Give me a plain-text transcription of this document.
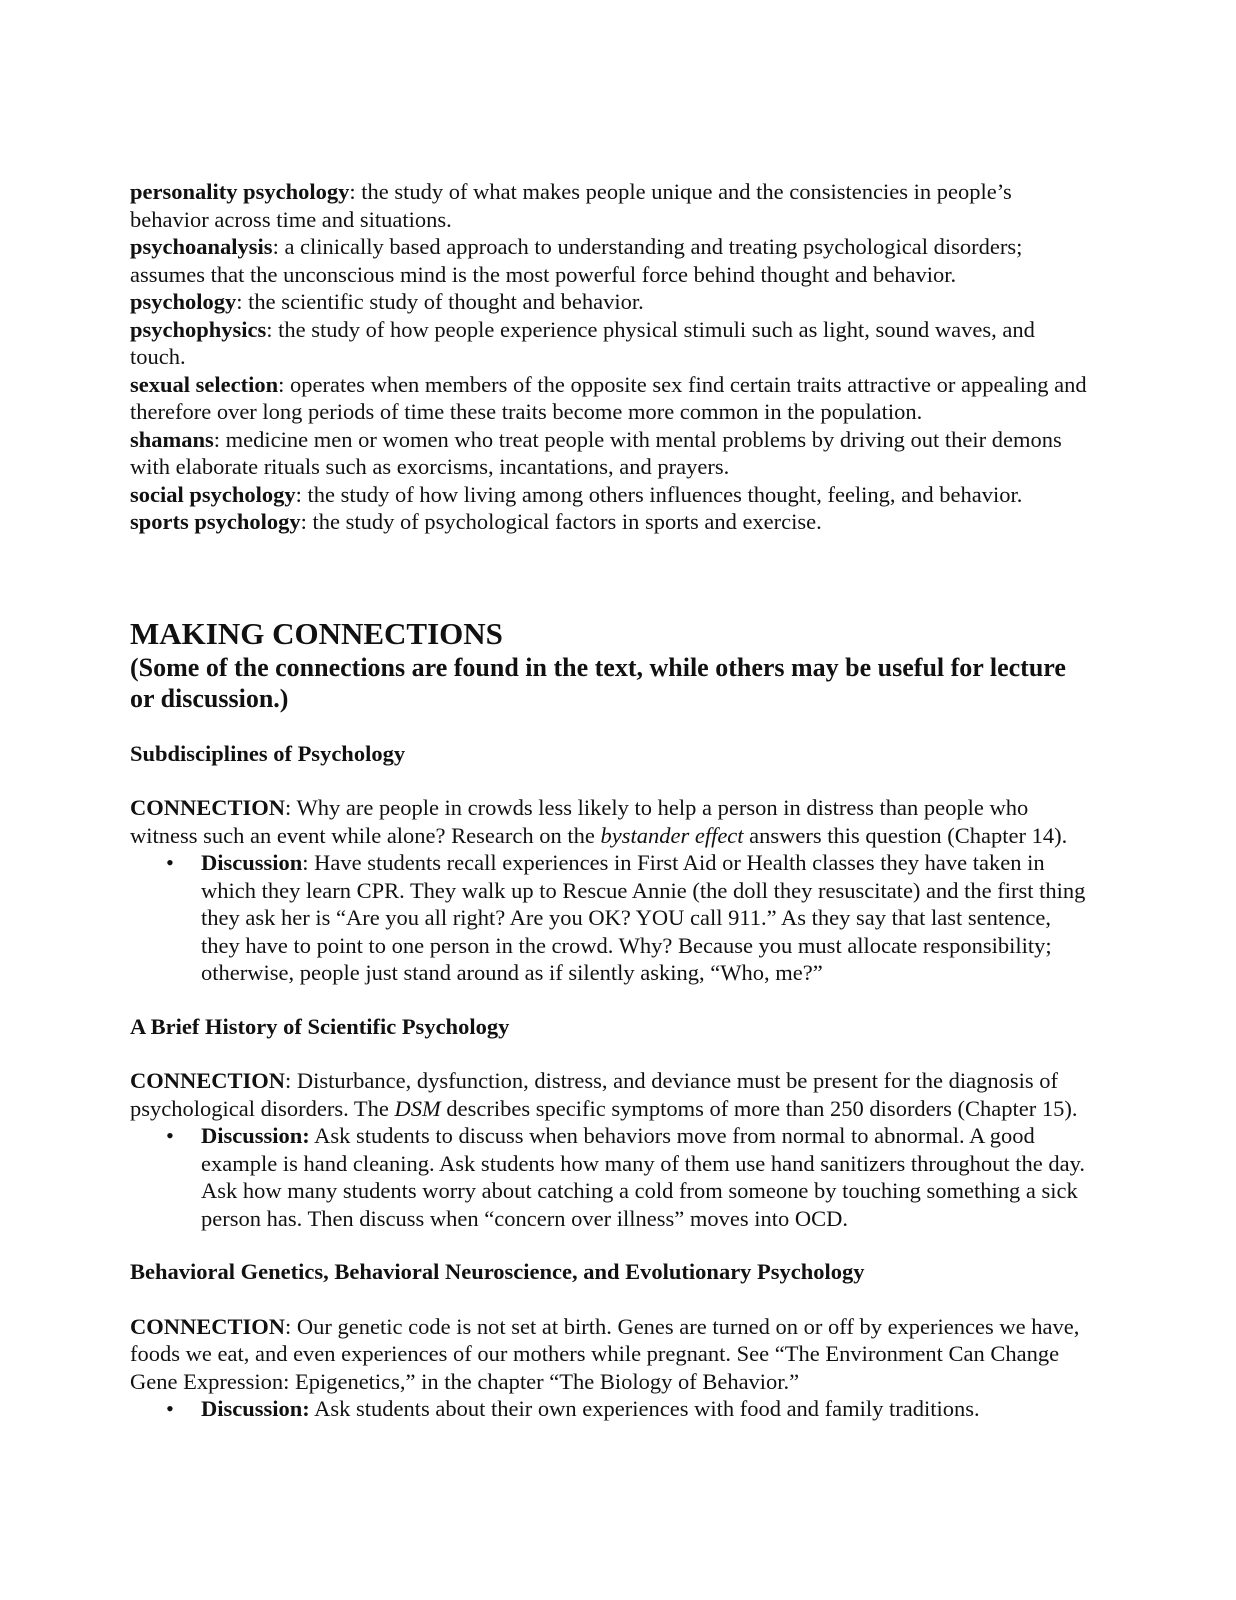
personality psychology: the study of what makes people unique and the consistencies in people’s behavior across time and situations.

psychoanalysis: a clinically based approach to understanding and treating psychological disorders; assumes that the unconscious mind is the most powerful force behind thought and behavior.

psychology: the scientific study of thought and behavior.

psychophysics: the study of how people experience physical stimuli such as light, sound waves, and touch.

sexual selection: operates when members of the opposite sex find certain traits attractive or appealing and therefore over long periods of time these traits become more common in the population.

shamans: medicine men or women who treat people with mental problems by driving out their demons with elaborate rituals such as exorcisms, incantations, and prayers.

social psychology: the study of how living among others influences thought, feeling, and behavior.

sports psychology: the study of psychological factors in sports and exercise.

MAKING CONNECTIONS
(Some of the connections are found in the text, while others may be useful for lecture or discussion.)
Subdisciplines of Psychology

CONNECTION: Why are people in crowds less likely to help a person in distress than people who witness such an event while alone? Research on the bystander effect answers this question (Chapter 14).

• Discussion: Have students recall experiences in First Aid or Health classes they have taken in which they learn CPR. They walk up to Rescue Annie (the doll they resuscitate) and the first thing they ask her is “Are you all right? Are you OK? YOU call 911.” As they say that last sentence, they have to point to one person in the crowd. Why? Because you must allocate responsibility; otherwise, people just stand around as if silently asking, “Who, me?”
A Brief History of Scientific Psychology

CONNECTION: Disturbance, dysfunction, distress, and deviance must be present for the diagnosis of psychological disorders. The DSM describes specific symptoms of more than 250 disorders (Chapter 15).

• Discussion: Ask students to discuss when behaviors move from normal to abnormal. A good example is hand cleaning. Ask students how many of them use hand sanitizers throughout the day. Ask how many students worry about catching a cold from someone by touching something a sick person has. Then discuss when “concern over illness” moves into OCD.
Behavioral Genetics, Behavioral Neuroscience, and Evolutionary Psychology

CONNECTION: Our genetic code is not set at birth. Genes are turned on or off by experiences we have, foods we eat, and even experiences of our mothers while pregnant. See “The Environment Can Change Gene Expression: Epigenetics,” in the chapter “The Biology of Behavior.”

• Discussion: Ask students about their own experiences with food and family traditions.
